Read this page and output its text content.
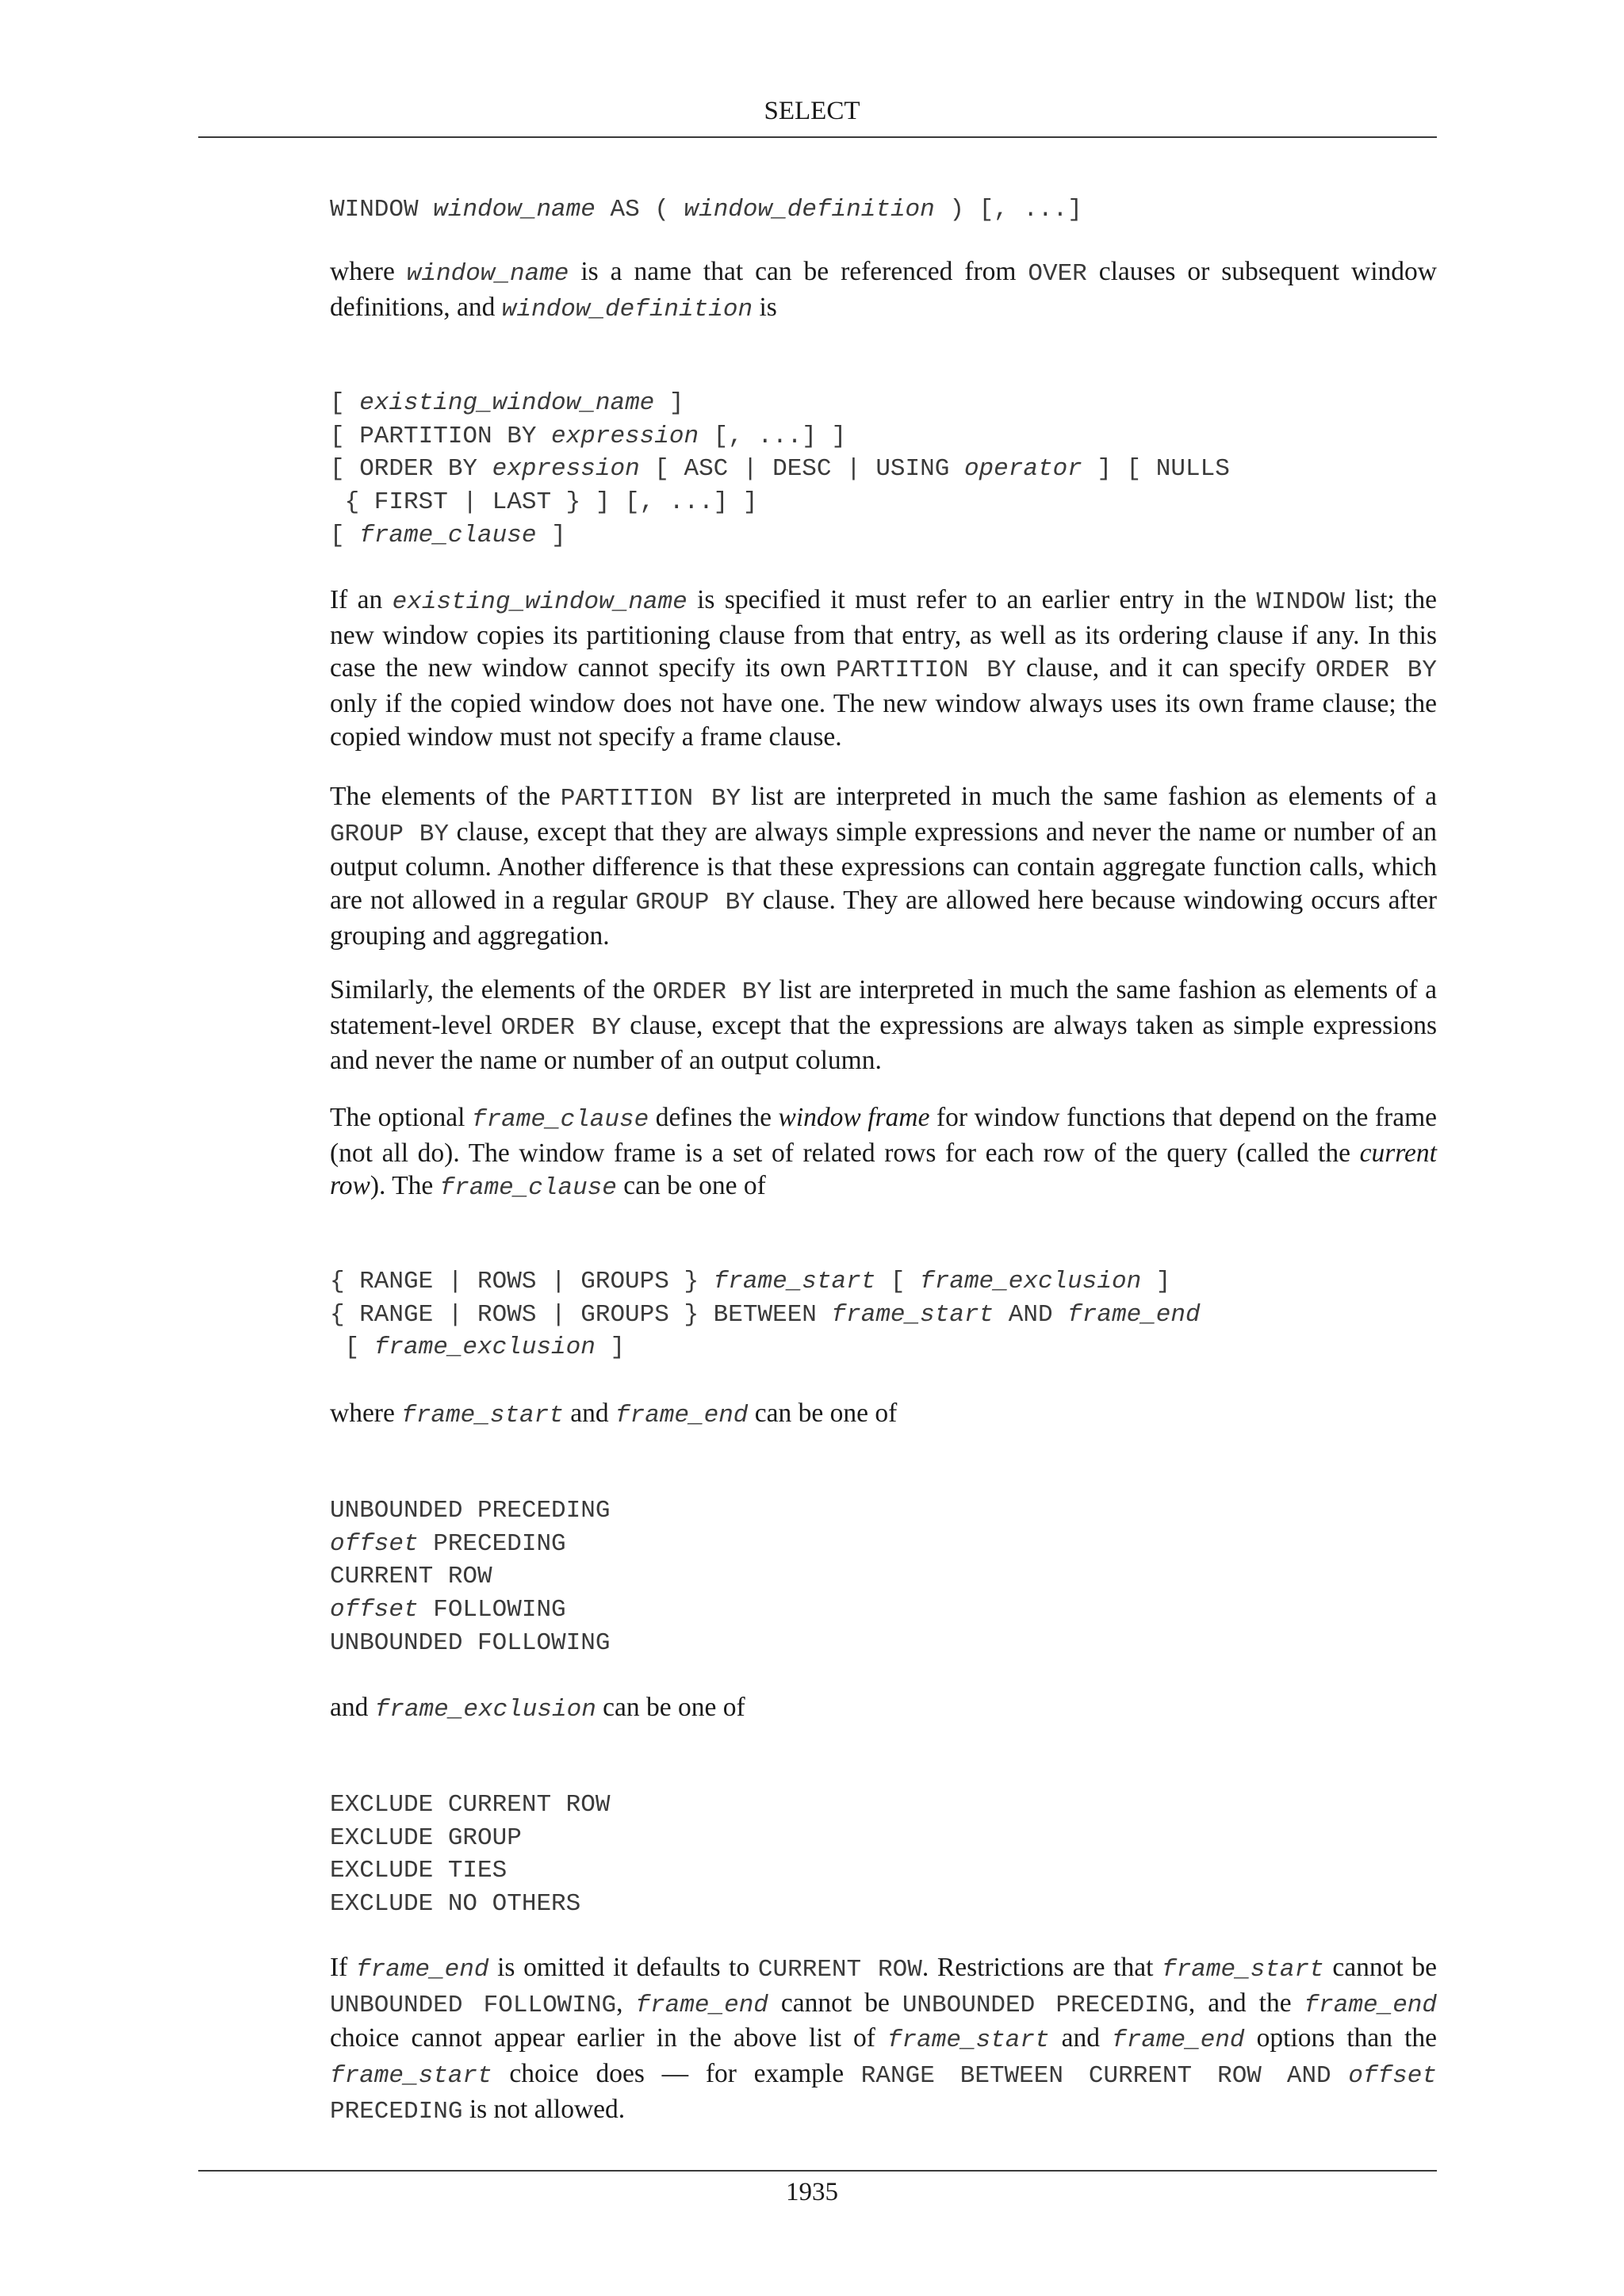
SELECT
WINDOW window_name AS ( window_definition ) [, ...]

where window_name is a name that can be referenced from OVER clauses or subsequent window definitions, and window_definition is

[ existing_window_name ]
[ PARTITION BY expression [, ...] ]
[ ORDER BY expression [ ASC | DESC | USING operator ] [ NULLS
{ FIRST | LAST } ] [, ...] ]
[ frame_clause ]

If an existing_window_name is specified it must refer to an earlier entry in the WINDOW list; the new window copies its partitioning clause from that entry, as well as its ordering clause if any. In this case the new window cannot specify its own PARTITION BY clause, and it can specify ORDER BY only if the copied window does not have one. The new window always uses its own frame clause; the copied window must not specify a frame clause.

The elements of the PARTITION BY list are interpreted in much the same fashion as elements of a GROUP BY clause, except that they are always simple expressions and never the name or number of an output column. Another difference is that these expressions can contain aggregate function calls, which are not allowed in a regular GROUP BY clause. They are allowed here because windowing occurs after grouping and aggregation.

Similarly, the elements of the ORDER BY list are interpreted in much the same fashion as elements of a statement-level ORDER BY clause, except that the expressions are always taken as simple expressions and never the name or number of an output column.

The optional frame_clause defines the window frame for window functions that depend on the frame (not all do). The window frame is a set of related rows for each row of the query (called the current row). The frame_clause can be one of

{ RANGE | ROWS | GROUPS } frame_start [ frame_exclusion ]
{ RANGE | ROWS | GROUPS } BETWEEN frame_start AND frame_end
[ frame_exclusion ]

where frame_start and frame_end can be one of

UNBOUNDED PRECEDING
offset PRECEDING
CURRENT ROW
offset FOLLOWING
UNBOUNDED FOLLOWING

and frame_exclusion can be one of

EXCLUDE CURRENT ROW
EXCLUDE GROUP
EXCLUDE TIES
EXCLUDE NO OTHERS

If frame_end is omitted it defaults to CURRENT ROW. Restrictions are that frame_start cannot be UNBOUNDED FOLLOWING, frame_end cannot be UNBOUNDED PRECEDING, and the frame_end choice cannot appear earlier in the above list of frame_start and frame_end options than the frame_start choice does — for example RANGE BETWEEN CURRENT ROW AND offset PRECEDING is not allowed.

1935
